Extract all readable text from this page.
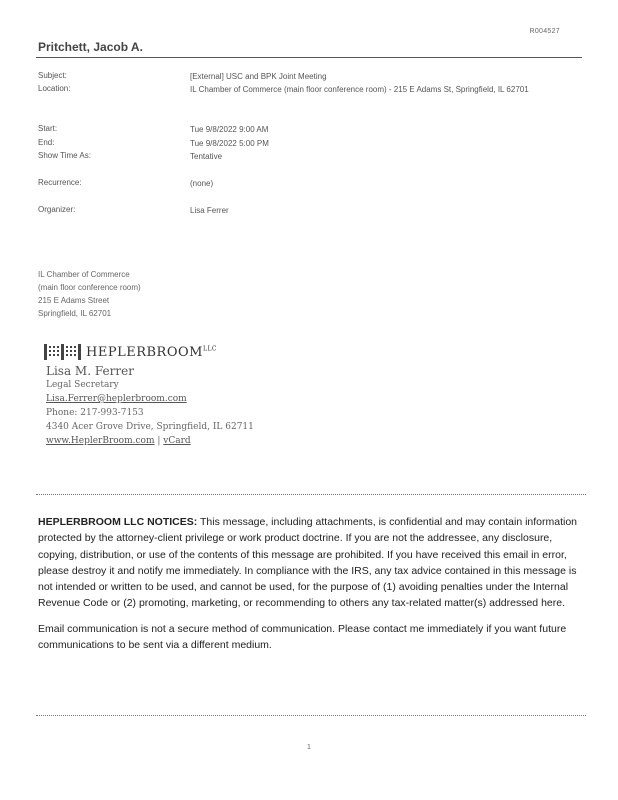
R004527
Pritchett, Jacob A.
Subject:	[External] USC and BPK Joint Meeting
Location:	IL Chamber of Commerce (main floor conference room) - 215 E Adams St, Springfield, IL 62701
Start:	Tue 9/8/2022 9:00 AM
End:	Tue 9/8/2022 5:00 PM
Show Time As:	Tentative
Recurrence:	(none)
Organizer:	Lisa Ferrer
IL Chamber of Commerce
(main floor conference room)
215 E Adams Street
Springfield, IL 62701
$HEPLERBROOM^{LLC}$
Lisa M. Ferrer
Legal Secretary
Lisa.Ferrer@heplerbroom.com
Phone: 217-993-7153
4340 Acer Grove Drive, Springfield, IL 62711
www.HeplerBroom.com | vCard

HEPLERBROOM LLC NOTICES: This message, including attachments, is confidential and may contain information protected by the attorney-client privilege or work product doctrine. If you are not the addressee, any disclosure, copying, distribution, or use of the contents of this message are prohibited. If you have received this email in error, please destroy it and notify me immediately. In compliance with the IRS, any tax advice contained in this message is not intended or written to be used, and cannot be used, for the purpose of (1) avoiding penalties under the Internal Revenue Code or (2) promoting, marketing, or recommending to others any tax-related matter(s) addressed here.

Email communication is not a secure method of communication. Please contact me immediately if you want future communications to be sent via a different medium.

1
